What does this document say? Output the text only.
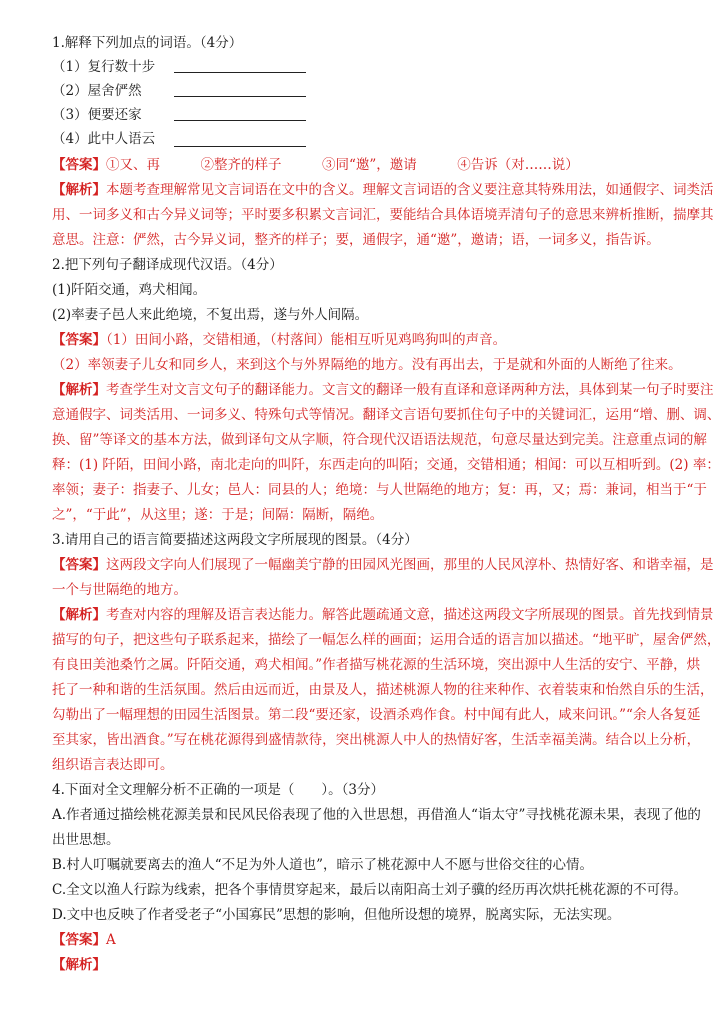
1.解释下列加点的词语。（4分）
（1）复行数十步
（2）屋舍俨然
（3）便要还家
（4）此中人语云
【答案】①又、再　　　②整齐的样子　　　③同“邀”，邀请　　　④告诉（对……说）
【解析】本题考查理解常见文言词语在文中的含义。理解文言词语的含义要注意其特殊用法，如通假字、词类活
用、一词多义和古今异义词等；平时要多积累文言词汇，要能结合具体语境弄清句子的意思来辨析推断，揣摩其
意思。注意：俨然，古今异义词，整齐的样子；要，通假字，通“邀”，邀请；语，一词多义，指告诉。
2.把下列句子翻译成现代汉语。（4分）
(1)阡陌交通，鸡犬相闻。
(2)率妻子邑人来此绝境，不复出焉，遂与外人间隔。
【答案】（1）田间小路，交错相通，（村落间）能相互听见鸡鸣狗叫的声音。
（2）率领妻子儿女和同乡人，来到这个与外界隔绝的地方。没有再出去，于是就和外面的人断绝了往来。
【解析】考查学生对文言文句子的翻译能力。文言文的翻译一般有直译和意译两种方法，具体到某一句子时要注
意通假字、词类活用、一词多义、特殊句式等情况。翻译文言语句要抓住句子中的关键词汇，运用“增、删、调、
换、留”等译文的基本方法，做到译句文从字顺，符合现代汉语语法规范，句意尽量达到完美。注意重点词的解
释：(1) 阡陌，田间小路，南北走向的叫阡，东西走向的叫陌；交通，交错相通；相闻：可以互相听到。(2) 率：
率领；妻子：指妻子、儿女；邑人：同县的人；绝境：与人世隔绝的地方；复：再，又；焉：兼词，相当于“于
之”，“于此”，从这里；遂：于是；间隔：隔断，隔绝。
3.请用自己的语言简要描述这两段文字所展现的图景。（4分）
【答案】这两段文字向人们展现了一幅幽美宁静的田园风光图画，那里的人民风淳朴、热情好客、和谐幸福，是
一个与世隔绝的地方。
【解析】考查对内容的理解及语言表达能力。解答此题疏通文意，描述这两段文字所展现的图景。首先找到情景
描写的句子，把这些句子联系起来，描绘了一幅怎么样的画面；运用合适的语言加以描述。“地平旷，屋舍俨然，
有良田美池桑竹之属。阡陌交通，鸡犬相闻。”作者描写桃花源的生活环境，突出源中人生活的安宁、平静，烘
托了一种和谐的生活氛围。然后由远而近，由景及人，描述桃源人物的往来种作、衣着装束和怡然自乐的生活，
勾勒出了一幅理想的田园生活图景。第二段“要还家，设酒杀鸡作食。村中闻有此人，咸来问讯。”“余人各复延
至其家，皆出酒食。”写在桃花源得到盛情款待，突出桃源人中人的热情好客，生活幸福美满。结合以上分析，
组织语言表达即可。
4.下面对全文理解分析不正确的一项是（　　）。（3分）
A.作者通过描绘桃花源美景和民风民俗表现了他的入世思想，再借渔人“诣太守”寻找桃花源未果，表现了他的
出世思想。
B.村人叮嘱就要离去的渔人“不足为外人道也”，暗示了桃花源中人不愿与世俗交往的心情。
C.全文以渔人行踪为线索，把各个事情贯穿起来，最后以南阳高士刘子骥的经历再次烘托桃花源的不可得。
D.文中也反映了作者受老子“小国寡民”思想的影响，但他所设想的境界，脱离实际，无法实现。
【答案】A
【解析】
